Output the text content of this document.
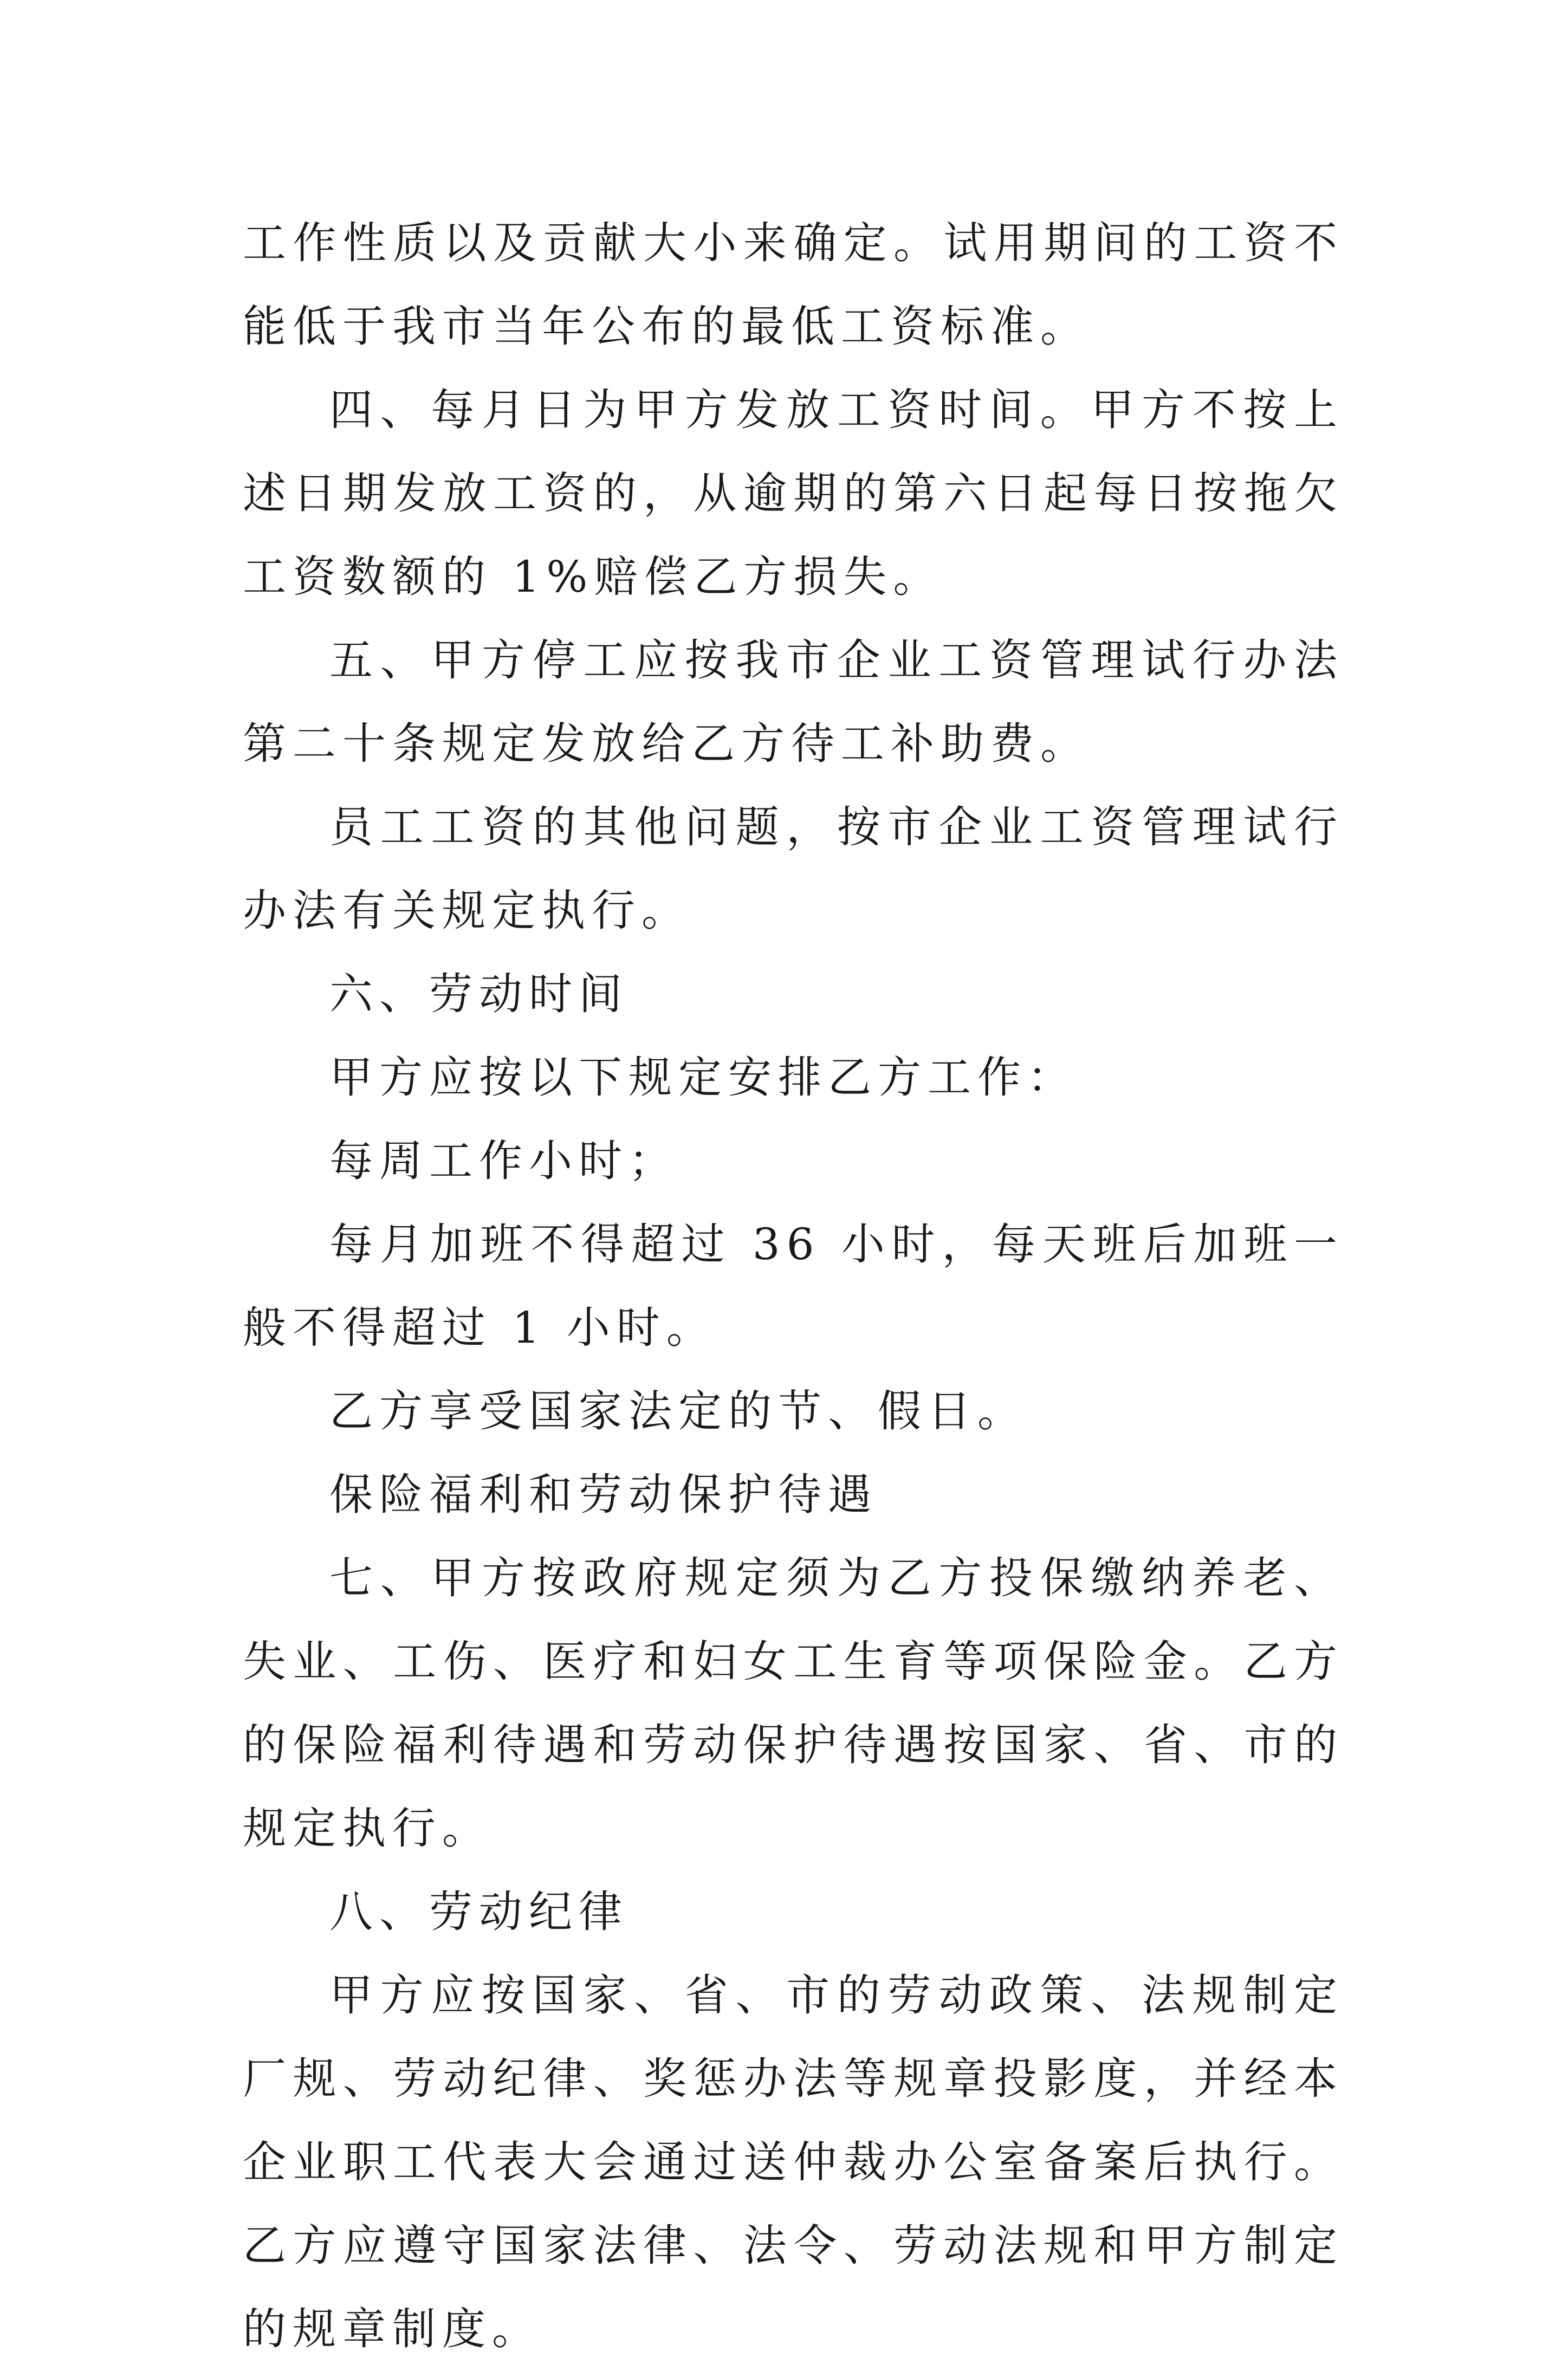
工作性质以及贡献大小来确定。试用期间的工资不能低于我市当年公布的最低工资标准。

四、每月日为甲方发放工资时间。甲方不按上述日期发放工资的，从逾期的第六日起每日按拖欠工资数额的 1%赔偿乙方损失。

五、甲方停工应按我市企业工资管理试行办法第二十条规定发放给乙方待工补助费。

员工工资的其他问题，按市企业工资管理试行办法有关规定执行。

六、劳动时间

甲方应按以下规定安排乙方工作：

每周工作小时；

每月加班不得超过 36 小时，每天班后加班一般不得超过 1 小时。

乙方享受国家法定的节、假日。

保险福利和劳动保护待遇

七、甲方按政府规定须为乙方投保缴纳养老、失业、工伤、医疗和妇女工生育等项保险金。乙方的保险福利待遇和劳动保护待遇按国家、省、市的规定执行。

八、劳动纪律

甲方应按国家、省、市的劳动政策、法规制定厂规、劳动纪律、奖惩办法等规章投影度，并经本企业职工代表大会通过送仲裁办公室备案后执行。乙方应遵守国家法律、法令、劳动法规和甲方制定的规章制度。
